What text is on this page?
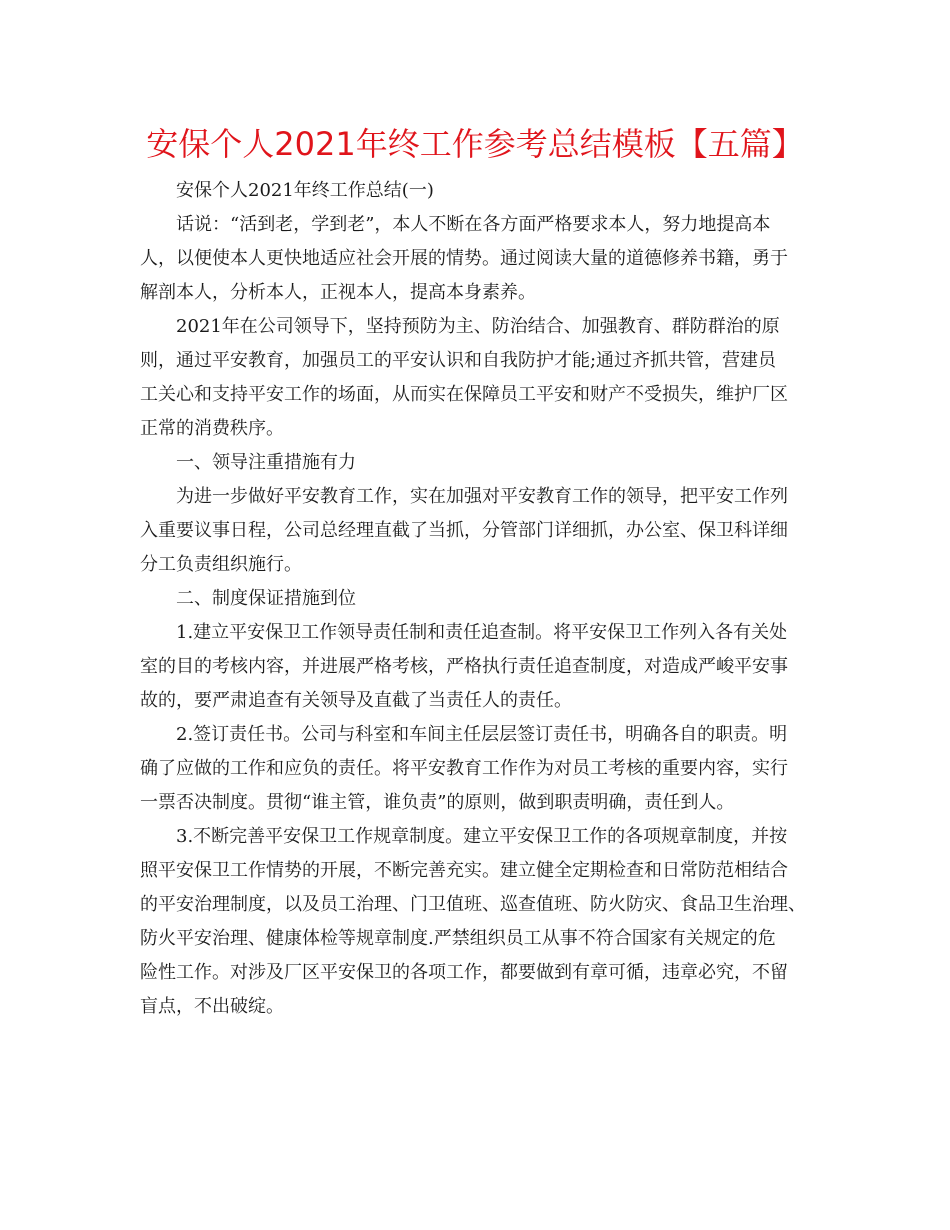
安保个人2021年终工作参考总结模板【五篇】

安保个人2021年终工作总结(一)

话说：“活到老，学到老”，本人不断在各方面严格要求本人，努力地提高本
人，以便使本人更快地适应社会开展的情势。通过阅读大量的道德修养书籍，勇于
解剖本人，分析本人，正视本人，提高本身素养。

2021年在公司领导下，坚持预防为主、防治结合、加强教育、群防群治的原
则，通过平安教育，加强员工的平安认识和自我防护才能;通过齐抓共管，营建员
工关心和支持平安工作的场面，从而实在保障员工平安和财产不受损失，维护厂区
正常的消费秩序。

一、领导注重措施有力

为进一步做好平安教育工作，实在加强对平安教育工作的领导，把平安工作列
入重要议事日程，公司总经理直截了当抓，分管部门详细抓，办公室、保卫科详细
分工负责组织施行。

二、制度保证措施到位

1.建立平安保卫工作领导责任制和责任追查制。将平安保卫工作列入各有关处
室的目的考核内容，并进展严格考核，严格执行责任追查制度，对造成严峻平安事
故的，要严肃追查有关领导及直截了当责任人的责任。

2.签订责任书。公司与科室和车间主任层层签订责任书，明确各自的职责。明
确了应做的工作和应负的责任。将平安教育工作作为对员工考核的重要内容，实行
一票否决制度。贯彻“谁主管，谁负责”的原则，做到职责明确，责任到人。

3.不断完善平安保卫工作规章制度。建立平安保卫工作的各项规章制度，并按
照平安保卫工作情势的开展，不断完善充实。建立健全定期检查和日常防范相结合
的平安治理制度，以及员工治理、门卫值班、巡查值班、防火防灾、食品卫生治理、
防火平安治理、健康体检等规章制度.严禁组织员工从事不符合国家有关规定的危
险性工作。对涉及厂区平安保卫的各项工作，都要做到有章可循，违章必究，不留
盲点，不出破绽。
